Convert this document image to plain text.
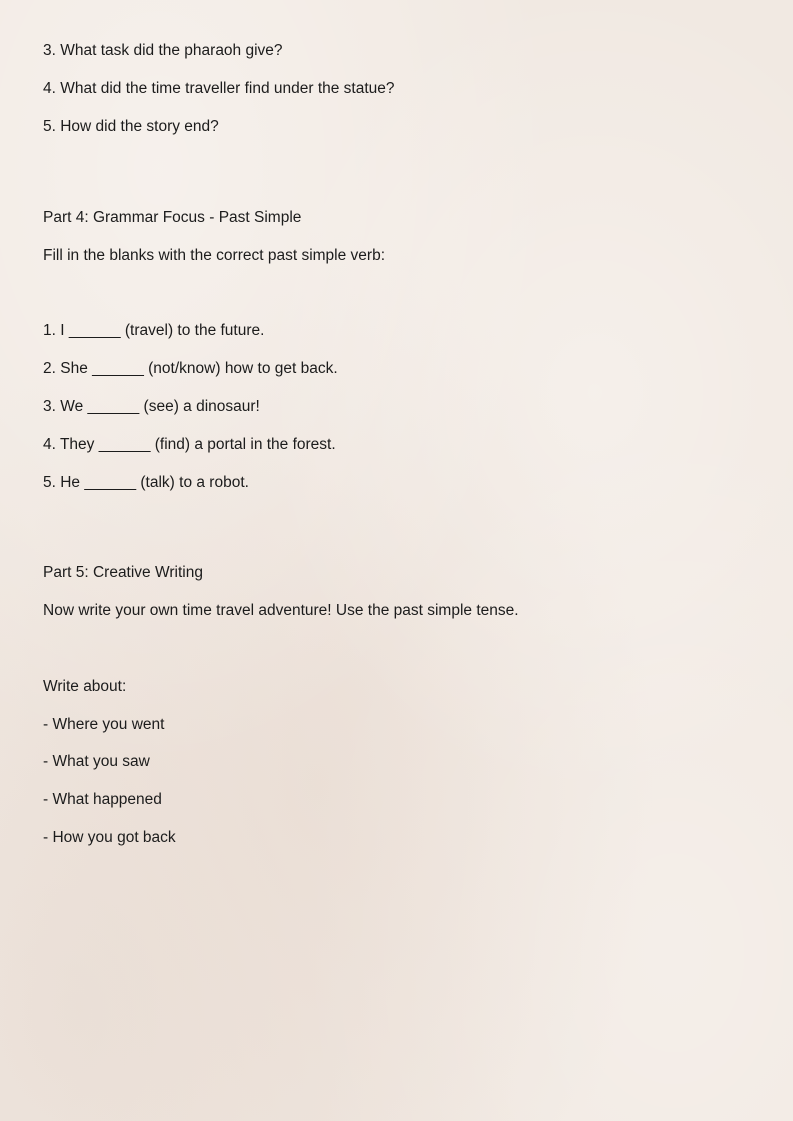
3. What task did the pharaoh give?
4. What did the time traveller find under the statue?
5. How did the story end?
Part 4: Grammar Focus - Past Simple
Fill in the blanks with the correct past simple verb:
1. I ______ (travel) to the future.
2. She ______ (not/know) how to get back.
3. We ______ (see) a dinosaur!
4. They ______ (find) a portal in the forest.
5. He ______ (talk) to a robot.
Part 5: Creative Writing
Now write your own time travel adventure! Use the past simple tense.
Write about:
- Where you went
- What you saw
- What happened
- How you got back
